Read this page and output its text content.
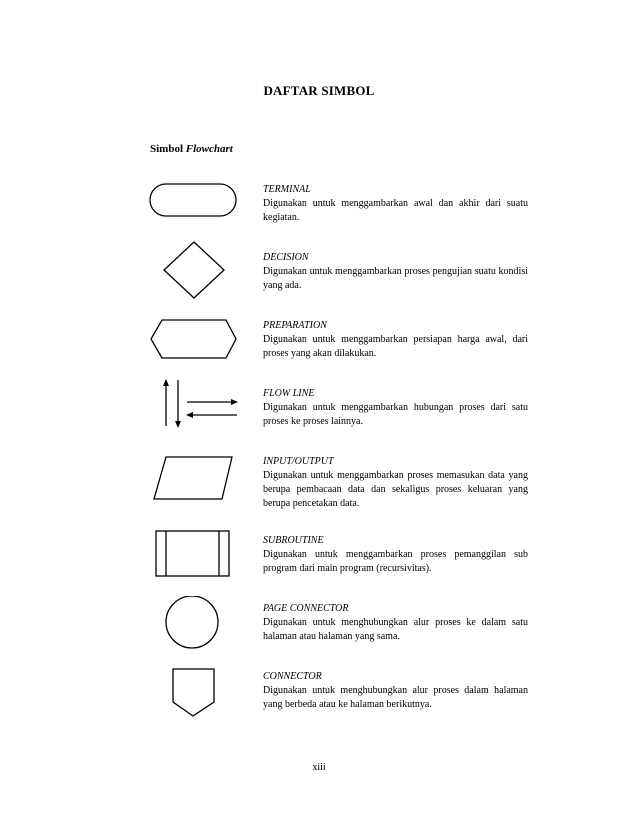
DAFTAR SIMBOL
Simbol Flowchart
TERMINAL
Digunakan untuk menggambarkan awal dan akhir dari suatu kegiatan.
DECISION
Digunakan untuk menggambarkan proses pengujian suatu kondisi yang ada.
PREPARATION
Digunakan untuk menggambarkan persiapan harga awal, dari proses yang akan dilakukan.
FLOW LINE
Digunakan untuk menggambarkan hubungan proses dari satu proses ke proses lainnya.
INPUT/OUTPUT
Digunakan untuk menggambarkan proses memasukan data yang berupa pembacaan data dan sekaligus proses keluaran yang berupa pencetakan data.
SUBROUTINE
Digunakan untuk menggambarkan proses pemanggilan sub program dari main program (recursivitas).
PAGE CONNECTOR
Digunakan untuk menghubungkan alur proses ke dalam satu halaman atau halaman yang sama.
CONNECTOR
Digunakan untuk menghubungkan alur proses dalam halaman yang berbeda atau ke halaman berikutnya.
xiii
